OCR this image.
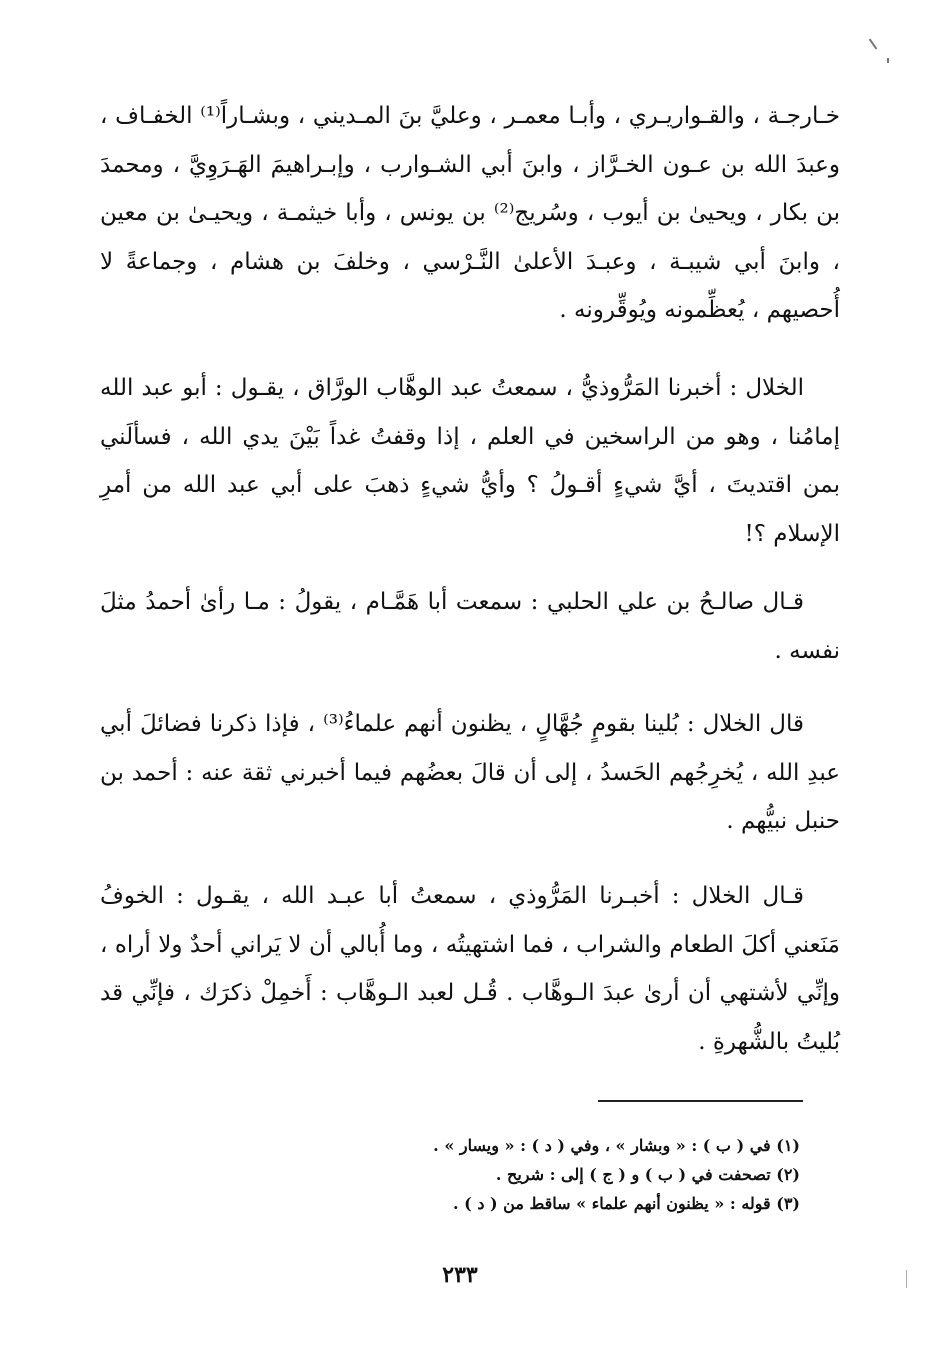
خـارجـة ، والقـواريـري ، وأبـا معمـر ، وعليَّ بنَ المـديني ، وبشـاراً⁽¹⁾ الخفـاف ، وعبدَ الله بن عـون الخـرَّاز ، وابنَ أبي الشـوارب ، وإبـراهيمَ الهَـرَوِيَّ ، ومحمدَ بن بكار ، ويحيىٰ بن أيوب ، وسُريج⁽²⁾ بن يونس ، وأبا خيثمـة ، ويحيـىٰ بن معين ، وابنَ أبي شيبـة ، وعبـدَ الأعلىٰ النَّـرْسي ، وخلفَ بن هشام ، وجماعةً لا أُحصيهم ، يُعظِّمونه ويُوقِّرونه .

الخلال : أخبرنا المَرُّوذيُّ ، سمعتُ عبد الوهَّاب الورَّاق ، يقـول : أبو عبد الله إمامُنا ، وهو من الراسخين في العلم ، إذا وقفتُ غداً بَيْنَ يدي الله ، فسألَني بمن اقتديتَ ، أيَّ شيءٍ أقـولُ ؟ وأيُّ شيءٍ ذهبَ على أبي عبد الله من أمرِ الإسلام ؟!

قـال صالـحُ بن علي الحلبي : سمعت أبا هَمَّـام ، يقولُ : مـا رأىٰ أحمدُ مثلَ نفسه .

قال الخلال : بُلينا بقومٍ جُهَّالٍ ، يظنون أنهم علماءُ⁽³⁾ ، فإذا ذكرنا فضائلَ أبي عبدِ الله ، يُخرِجُهم الحَسدُ ، إلى أن قالَ بعضُهم فيما أخبرني ثقة عنه : أحمد بن حنبل نبيُّهم .

قـال الخلال : أخبـرنا المَرُّوذي ، سمعتُ أبا عبـد الله ، يقـول : الخوفُ مَنَعني أكلَ الطعام والشراب ، فما اشتهيتُه ، وما أُبالي أن لا يَراني أحدٌ ولا أراه ، وإنِّي لأشتهي أن أرىٰ عبدَ الـوهَّاب . قُـل لعبد الـوهَّاب : أَخمِلْ ذكرَك ، فإنِّي قد بُليتُ بالشُّهرةِ .

(١) في ( ب ) : « وبشار » ، وفي ( د ) : « ويسار » .

(٢) تصحفت في ( ب ) و ( ج ) إلى : شريح .

(٣) قوله : « يظنون أنهم علماء » ساقط من ( د ) .

٢٣٣
